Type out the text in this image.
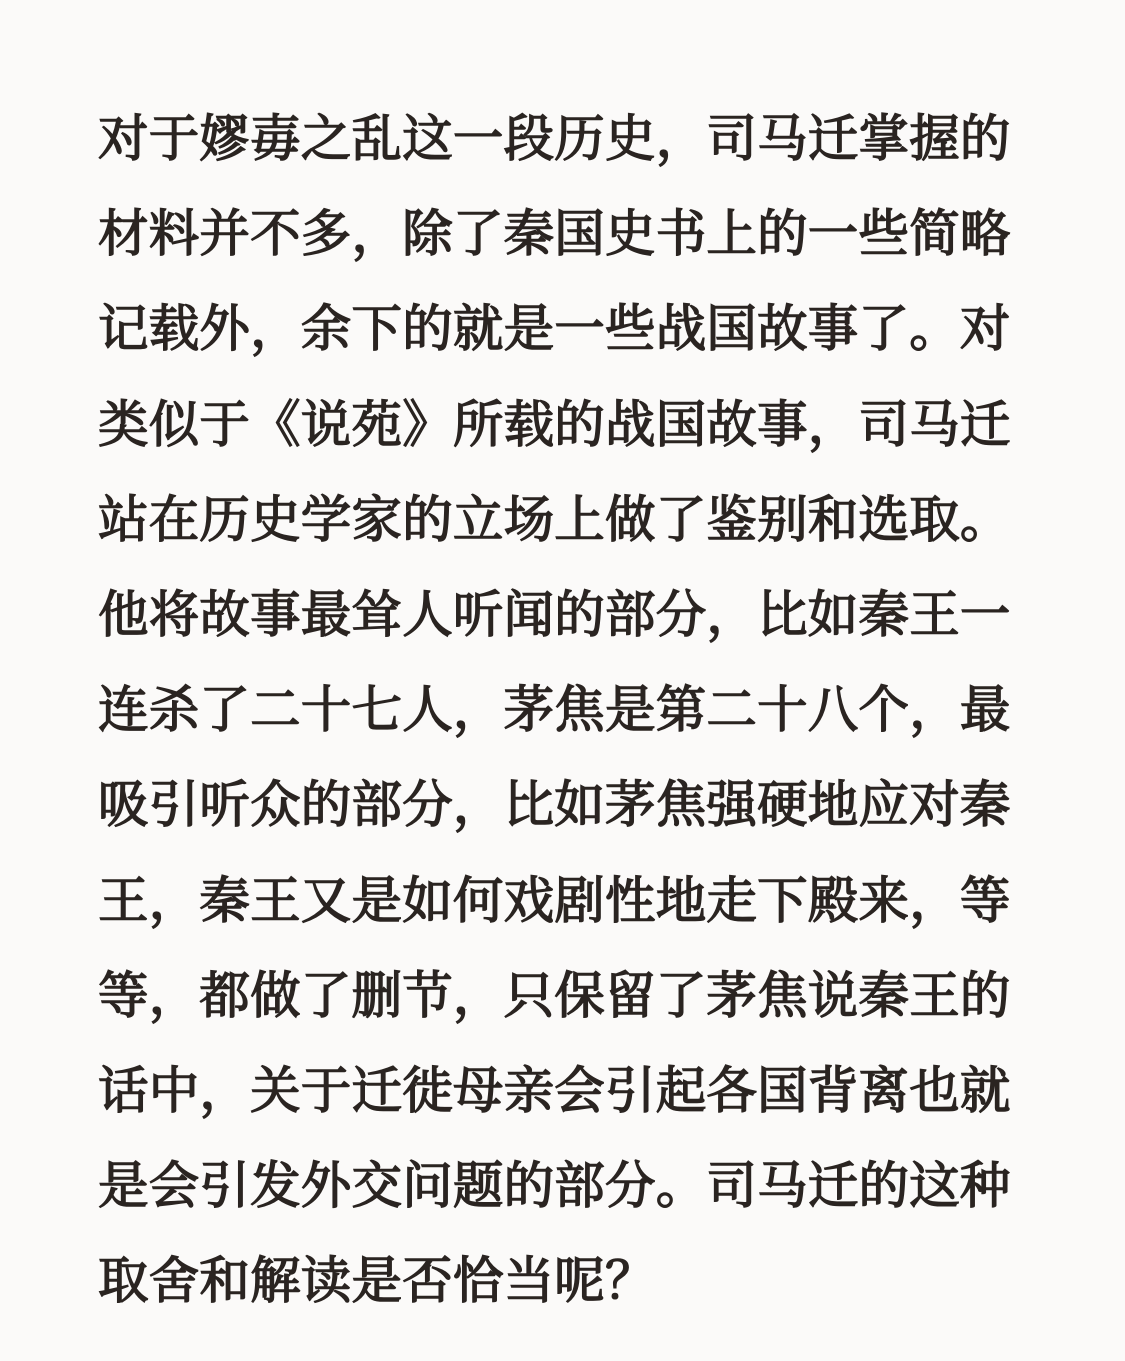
对于嫪毐之乱这一段历史，司马迁掌握的材料并不多，除了秦国史书上的一些简略记载外，余下的就是一些战国故事了。对类似于《说苑》所载的战国故事，司马迁站在历史学家的立场上做了鉴别和选取。他将故事最耸人听闻的部分，比如秦王一连杀了二十七人，茅焦是第二十八个，最吸引听众的部分，比如茅焦强硬地应对秦王，秦王又是如何戏剧性地走下殿来，等等，都做了删节，只保留了茅焦说秦王的话中，关于迁徙母亲会引起各国背离也就是会引发外交问题的部分。司马迁的这种取舍和解读是否恰当呢？
